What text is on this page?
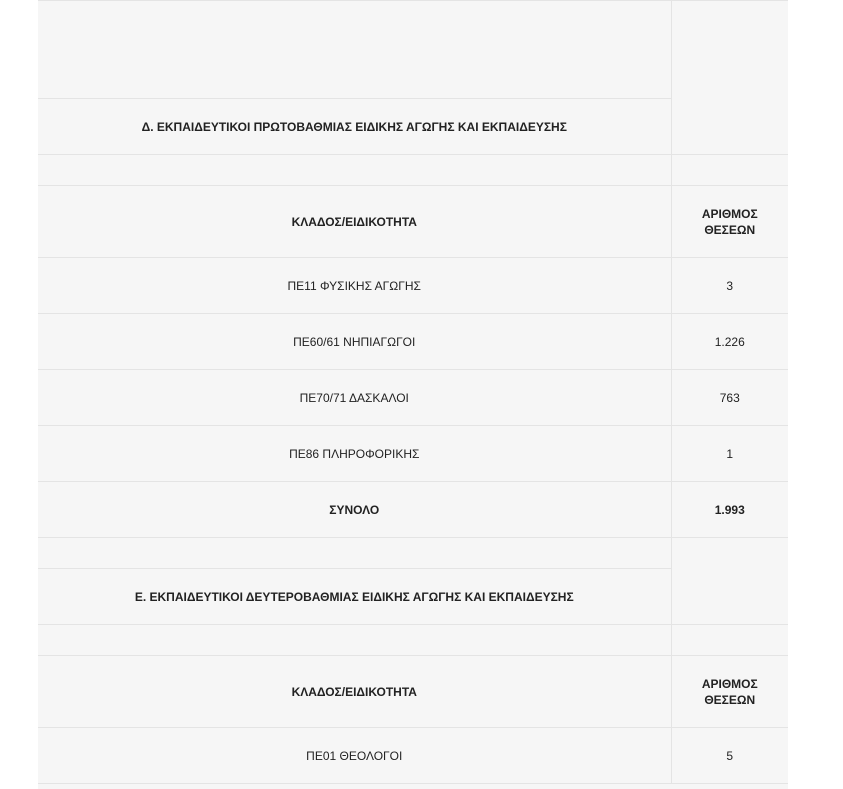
Δ. ΕΚΠΑΙΔΕΥΤΙΚΟΙ ΠΡΩΤΟΒΑΘΜΙΑΣ ΕΙΔΙΚΗΣ ΑΓΩΓΗΣ ΚΑΙ ΕΚΠΑΙΔΕΥΣΗΣ	

ΚΛΑΔΟΣ/ΕΙΔΙΚΟΤΗΤΑ	ΑΡΙΘΜΟΣ
ΘΕΣΕΩΝ
ΠΕ11 ΦΥΣΙΚΗΣ ΑΓΩΓΗΣ	3
ΠΕ60/61 ΝΗΠΙΑΓΩΓΟΙ	1.226
ΠΕ70/71 ΔΑΣΚΑΛΟΙ	763
ΠΕ86 ΠΛΗΡΟΦΟΡΙΚΗΣ	1
ΣΥΝΟΛΟ	1.993

Ε. ΕΚΠΑΙΔΕΥΤΙΚΟΙ ΔΕΥΤΕΡΟΒΑΘΜΙΑΣ ΕΙΔΙΚΗΣ ΑΓΩΓΗΣ ΚΑΙ ΕΚΠΑΙΔΕΥΣΗΣ	

ΚΛΑΔΟΣ/ΕΙΔΙΚΟΤΗΤΑ	ΑΡΙΘΜΟΣ
ΘΕΣΕΩΝ
ΠΕ01 ΘΕΟΛΟΓΟΙ	5
